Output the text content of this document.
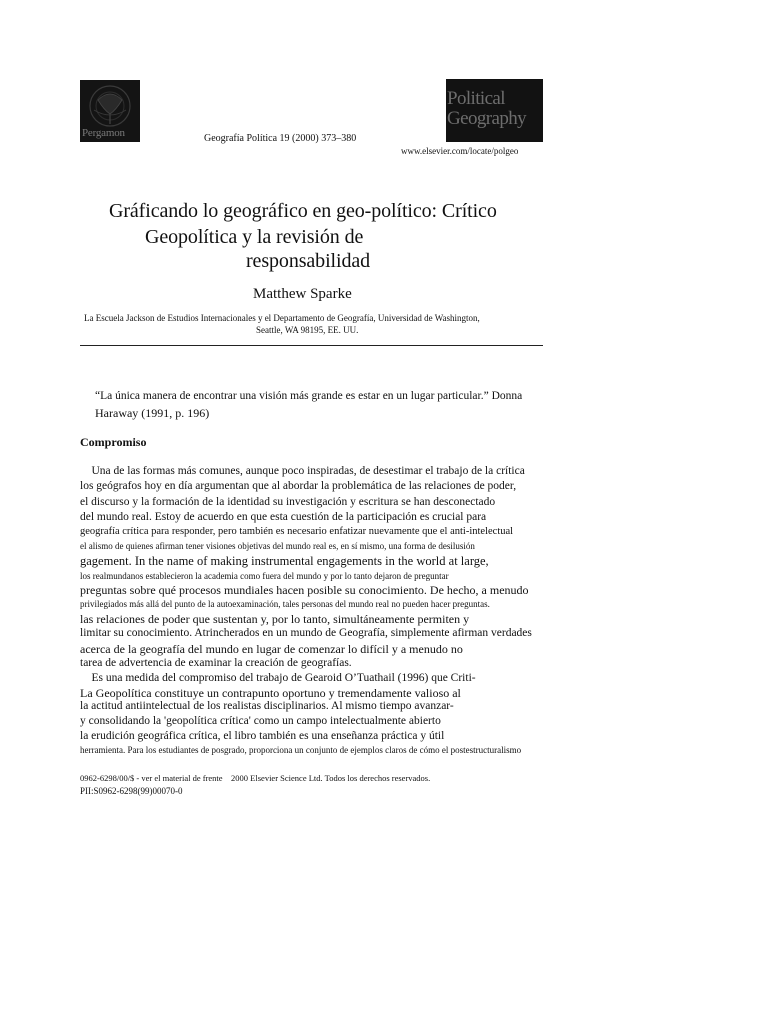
Pergamon
Political
Geography
Geografía Política 19 (2000) 373–380
www.elsevier.com/locate/polgeo
Gráficando lo geográfico en geo-político: Crítico
Geopolítica y la revisión de
responsabilidad
Matthew Sparke
La Escuela Jackson de Estudios Internacionales y el Departamento de Geografía, Universidad de Washington,
Seattle, WA 98195, EE. UU.
“La única manera de encontrar una visión más grande es estar en un lugar particular.” Donna
Haraway (1991, p. 196)
Compromiso
Una de las formas más comunes, aunque poco inspiradas, de desestimar el trabajo de la crítica
los geógrafos hoy en día argumentan que al abordar la problemática de las relaciones de poder,
el discurso y la formación de la identidad su investigación y escritura se han desconectado
del mundo real. Estoy de acuerdo en que esta cuestión de la participación es crucial para
geografía crítica para responder, pero también es necesario enfatizar nuevamente que el anti-intelectual
el alismo de quienes afirman tener visiones objetivas del mundo real es, en sí mismo, una forma de desilusión
gagement. In the name of making instrumental engagements in the world at large,
los realmundanos establecieron la academia como fuera del mundo y por lo tanto dejaron de preguntar
preguntas sobre qué procesos mundiales hacen posible su conocimiento. De hecho, a menudo
privilegiados más allá del punto de la autoexaminación, tales personas del mundo real no pueden hacer preguntas.
las relaciones de poder que sustentan y, por lo tanto, simultáneamente permiten y
limitar su conocimiento. Atrincherados en un mundo de Geografía, simplemente afirman verdades
acerca de la geografía del mundo en lugar de comenzar lo difícil y a menudo no
tarea de advertencia de examinar la creación de geografías.
Es una medida del compromiso del trabajo de Gearoid O’Tuathail (1996) que Criti-
La Geopolítica constituye un contrapunto oportuno y tremendamente valioso al
la actitud antiintelectual de los realistas disciplinarios. Al mismo tiempo avanzar-
y consolidando la 'geopolítica crítica' como un campo intelectualmente abierto
la erudición geográfica crítica, el libro también es una enseñanza práctica y útil
herramienta. Para los estudiantes de posgrado, proporciona un conjunto de ejemplos claros de cómo el postestructuralismo
0962-6298/00/$ - ver el material de frente    2000 Elsevier Science Ltd. Todos los derechos reservados.
PII:S0962-6298(99)00070-0
